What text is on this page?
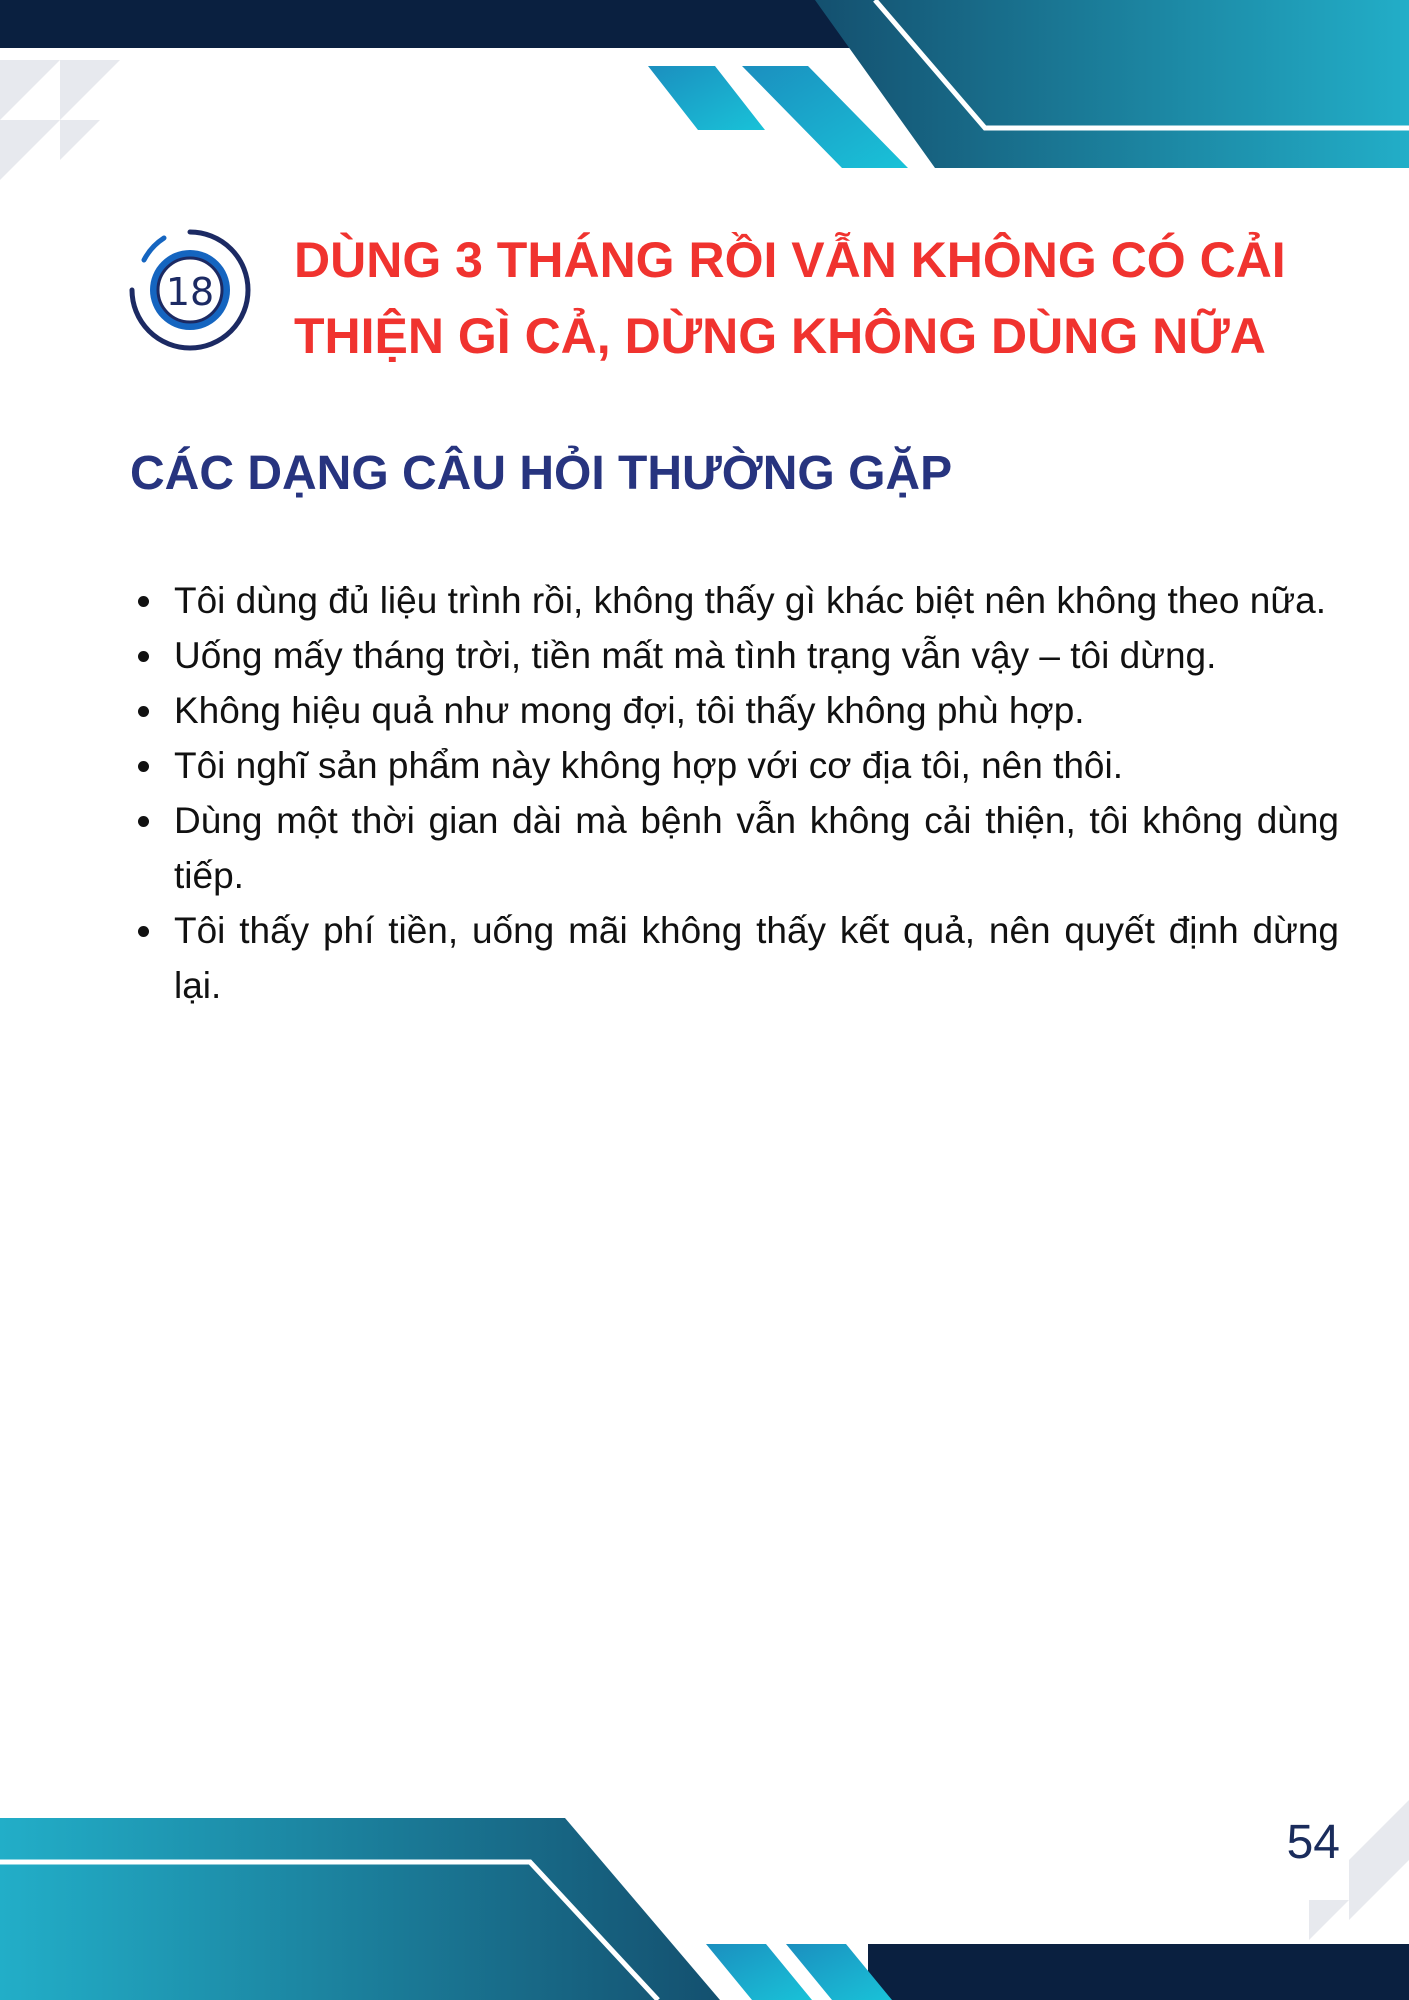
18
DÙNG 3 THÁNG RỒI VẪN KHÔNG CÓ CẢI
THIỆN GÌ CẢ, DỪNG KHÔNG DÙNG NỮA
CÁC DẠNG CÂU HỎI THƯỜNG GẶP
Tôi dùng đủ liệu trình rồi, không thấy gì khác biệt nên không theo nữa.
Uống mấy tháng trời, tiền mất mà tình trạng vẫn vậy – tôi dừng.
Không hiệu quả như mong đợi, tôi thấy không phù hợp.
Tôi nghĩ sản phẩm này không hợp với cơ địa tôi, nên thôi.
Dùng một thời gian dài mà bệnh vẫn không cải thiện, tôi không dùng tiếp.
Tôi thấy phí tiền, uống mãi không thấy kết quả, nên quyết định dừng lại.
54
